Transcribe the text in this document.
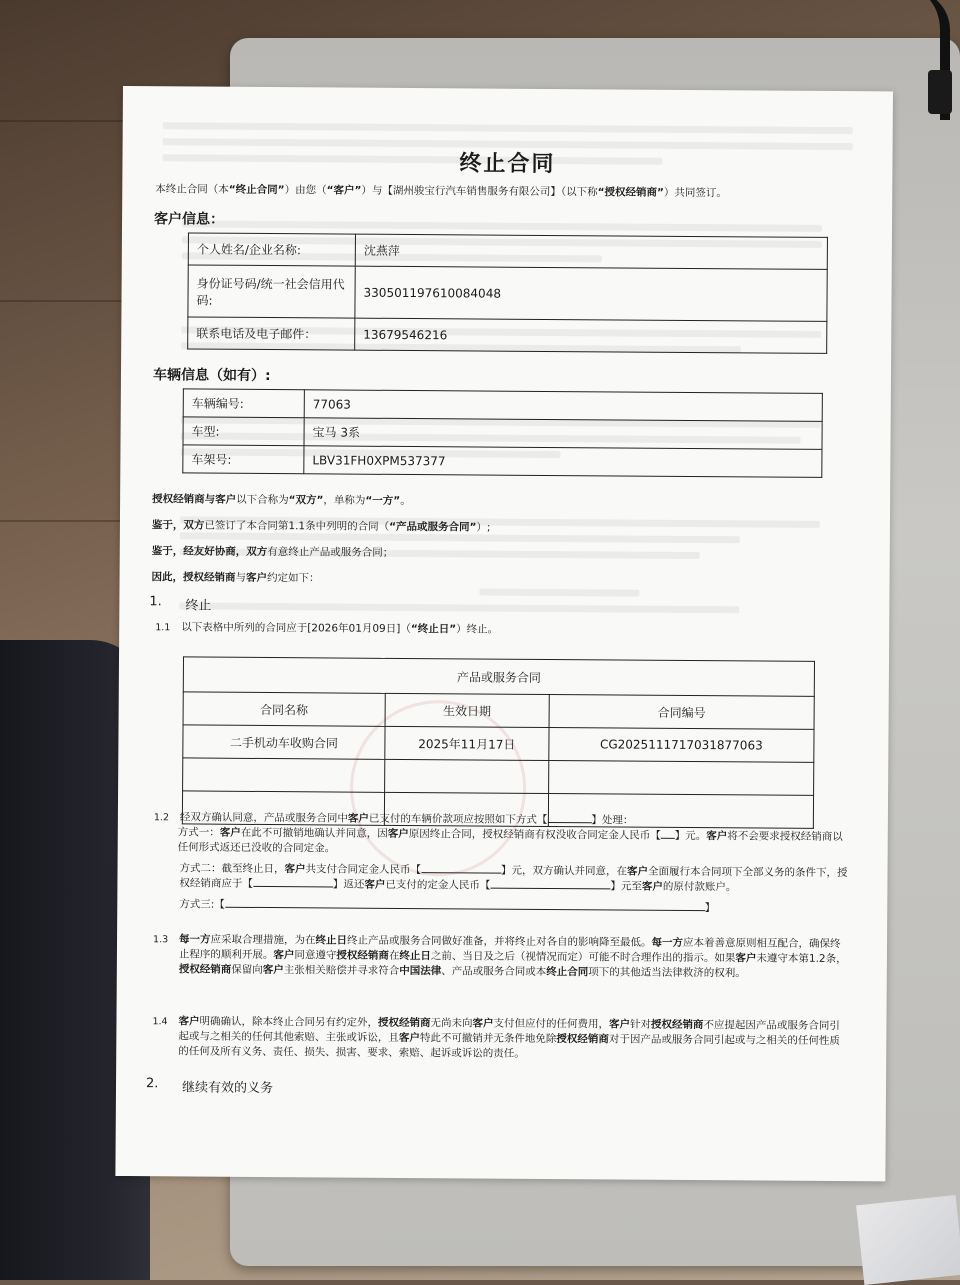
终止合同
本终止合同（本“终止合同”）由您（“客户”）与【湖州骏宝行汽车销售服务有限公司】（以下称“授权经销商”）共同签订。
客户信息：
个人姓名/企业名称:	沈燕萍
身份证号码/统一社会信用代码:	330501197610084048
联系电话及电子邮件：	13679546216
车辆信息（如有）:
车辆编号:	77063
车型:	宝马 3系
车架号:	LBV31FH0XPM537377
授权经销商与客户以下合称为“双方”，单称为“一方”。
鉴于，双方已签订了本合同第1.1条中列明的合同（“产品或服务合同”）;
鉴于，经友好协商，双方有意终止产品或服务合同；
因此，授权经销商与客户约定如下：
1. 终止
1.1 以下表格中所列的合同应于[2026年01月09日]（“终止日”）终止。
产品或服务合同		
合同名称	生效日期	合同编号
二手机动车收购合同	2025年11月17日	CG2025111717031877063

1.2 经双方确认同意，产品或服务合同中客户已支付的车辆价款项应按照如下方式【	】处理：
方式一：客户在此不可撤销地确认并同意，因客户原因终止合同，授权经销商有权没收合同定金人民币【 】元。客户将不会要求授权经销商以任何形式返还已没收的合同定金。
方式二：截至终止日，客户共支付合同定金人民币【	】元，双方确认并同意，在客户全面履行本合同项下全部义务的条件下，授权经销商应于【	】返还客户已支付的定金人民币【	】元至客户的原付款账户。
方式三:【	】
1.3 每一方应采取合理措施，为在终止日终止产品或服务合同做好准备，并将终止对各自的影响降至最低。每一方应本着善意原则相互配合，确保终止程序的顺利开展。客户同意遵守授权经销商在终止日之前、当日及之后（视情况而定）可能不时合理作出的指示。如果客户未遵守本第1.2条，授权经销商保留向客户主张相关赔偿并寻求符合中国法律、产品或服务合同或本终止合同项下的其他适当法律救济的权利。
1.4 客户明确确认，除本终止合同另有约定外，授权经销商无尚未向客户支付但应付的任何费用，客户针对授权经销商不应提起因产品或服务合同引起或与之相关的任何其他索赔、主张或诉讼，且客户特此不可撤销并无条件地免除授权经销商对于因产品或服务合同引起或与之相关的任何性质的任何及所有义务、责任、损失、损害、要求、索赔、起诉或诉讼的责任。
2. 继续有效的义务
